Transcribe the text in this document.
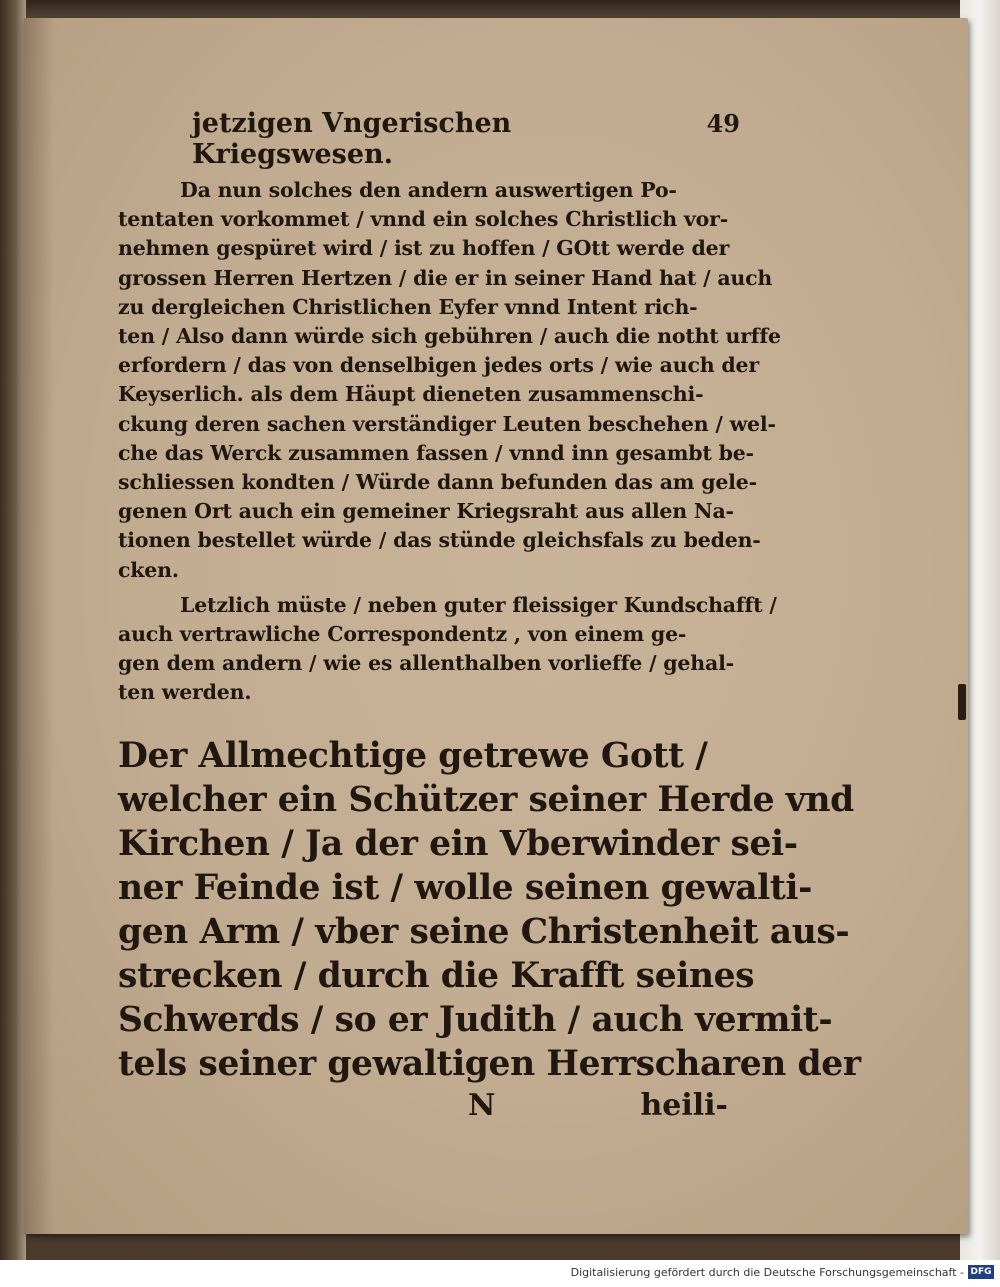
jetzigen Vngerischen Kriegswesen.
49

Da nun solches den andern auswertigen Po-
tentaten vorkommet / vnnd ein solches Christlich vor-
nehmen gespüret wird / ist zu hoffen / GOtt werde der
grossen Herren Hertzen / die er in seiner Hand hat / auch
zu dergleichen Christlichen Eyfer vnnd Intent rich-
ten / Also dann würde sich gebühren / auch die notht urffe
erfordern / das von denselbigen jedes orts / wie auch der
Keyserlich. als dem Häupt dieneten zusammenschi-
ckung deren sachen verständiger Leuten beschehen / wel-
che das Werck zusammen fassen / vnnd inn gesambt be-
schliessen kondten / Würde dann befunden das am gele-
genen Ort auch ein gemeiner Kriegsraht aus allen Na-
tionen bestellet würde / das stünde gleichsfals zu beden-
cken.

Letzlich müste / neben guter fleissiger Kundschafft /
auch vertrawliche Correspondentz , von einem ge-
gen dem andern / wie es allenthalben vorlieffe / gehal-
ten werden.

Der Allmechtige getrewe Gott /
welcher ein Schützer seiner Herde vnd
Kirchen / Ja der ein Vberwinder sei-
ner Feinde ist / wolle seinen gewalti-
gen Arm / vber seine Christenheit aus-
strecken / durch die Krafft seines
Schwerds / so er Judith / auch vermit-
tels seiner gewaltigen Herrscharen der
N	heili-
Digitalisierung gefördert durch die Deutsche Forschungsgemeinschaft - DFG
